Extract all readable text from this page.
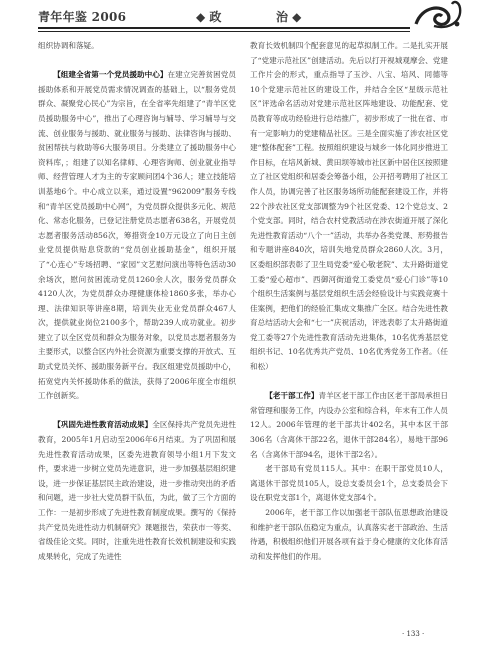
青年年鉴 2006	◆ 政	治 ◆

组织协调和落疑。

【组建全省第一个党员援助中心】在建立完善贫困党员援助体系和开展党员需求情况调查的基础上，以“服务党员群众、凝聚党心民心”为宗旨，在全省率先组建了“青羊区党员援助服务中心”，推出了心理咨询与辅导、学习辅导与交流、创业服务与援助、就业服务与援助、法律咨询与援助、贫困帮扶与救助等6大服务项目。分类建立了援助服务中心资料库，；组建了以知名律师、心理咨询师、创业就业指导师、经营管理人才为主的专家顾问团4个36人；建立技能培训基地6个。中心成立以来，通过设置“962009”服务专线和“青羊区党员援助中心网”，为党员群众提供多元化、规范化、常态化服务，已登记注册党员志愿者638名，开展党员志愿者服务活动856次，筹措资金10万元设立了向日主创业党员提供贴息贷款的“党员创业援助基金”，组织开展了“心连心”专场招聘、“家园”文艺慰问演出等特色活动30余场次，慰问贫困流动党员1260余人次，服务党员群众4120人次，为党员群众办理健康体检1860多张，举办心理、法律知识等讲座8期，培训失业无业党员群众467人次，提供就业岗位2100多个，帮助239人成功就业。初步建立了以全区党员和群众为服务对象，以党员志愿者服务为主要形式，以整合区内外社会资源为重要支撑的开放式、互助式党员关怀、援助服务新平台。我区组建党员援助中心，拓宽党内关怀援助体系的做法，获得了2006年度全市组织工作创新奖。

【巩固先进性教育活动成果】全区保持共产党员先进性教育，2005年1月启动至2006年6月结束。为了巩固和展先进性教育活动成果，区委先进教育领导小组1月下发文件，要求进一步树立党员先进意识，进一步加强基层组织建设，进一步保证基层民主政治建设，进一步推动突出的矛盾和问题，进一步社大党员群干队伍，为此，做了三个方面的工作：一是初步形成了先进性教育制度成果。撰写的《保持共产党员先进性动力机制研究》课题报告，荣获市一等奖、省级佳论文奖。同时，注重先进性教育长效机制建设和实践成果转化，完成了先进性

教育长效机制四个配套意见的起草拟制工作。二是扎实开展了“党建示范社区”创建活动。先后以打开视城观摩会、党建工作片会的形式，重点指导了玉沙、八宝、培风、同德等10个党建示范社区的建设工作，并结合全区“星级示范社区”评选命名活动对党建示范社区阵地建设、功能配套、党员教育等成功经验进行总结推广，初步形成了一批在省、市有一定影响力的党建精品社区。三是全面实施了涉农社区党建“整体配套”工程。按照组织建设与城乡一体化同步推进工作目标，在培风新城、黄田坝等城市社区新中居住区按照建立了社区党组织和居委会筹备小组，公开招考聘用了社区工作人员，协调完善了社区服务场所功能配套建设工作，并将22个涉农社区党支部调整为9个社区党委、12个党总支、2个党支部。同时，结合农村党教活动在涉农街道开展了深化先进性教育活动“八个一”活动，共举办各类党课、形势报告和专题讲座840次，培训失地党员群众2860人次。3月，区委组织部表彰了卫生局党委“爱心敬老院”、太升路街道党工委“爱心超市”、西御河街道党工委党员“爱心门诊”等10个组织生活案例与基层党组织生活会经验设计与实践竞赛十佳案例，把他们的经验汇集成文集推广全区。结合先进性教育总结活动大会和“七一”庆祝活动，评选表彰了太升路街道党工委等27个先进性教育活动先进集体，10名优秀基层党组织书记、10名优秀共产党员、10名优秀党务工作者。（任和松）

【老干部工作】青羊区老干部工作由区老干部局承担日常管理和服务工作，内设办公室和综合科，年末有工作人员12人。2006年管理的老干部共计402名，其中本区干部306名（含离休干部22名，退休干部284名），易地干部96名（含离休干部94名，退休干部2名）。

老干部局有党员115人。其中：在职干部党员10人，离退休干部党员105人，设总支委员会1个，总支委员会下设在职党支部1个，离退休党支部4个。

2006年，老干部工作以加强老干部队伍思想政治建设和维护老干部队伍稳定为重点，认真落实老干部政治、生活待遇，积极组织他们开展各项有益于身心健康的文化体育活动和发挥他们的作用。

· 133 ·
